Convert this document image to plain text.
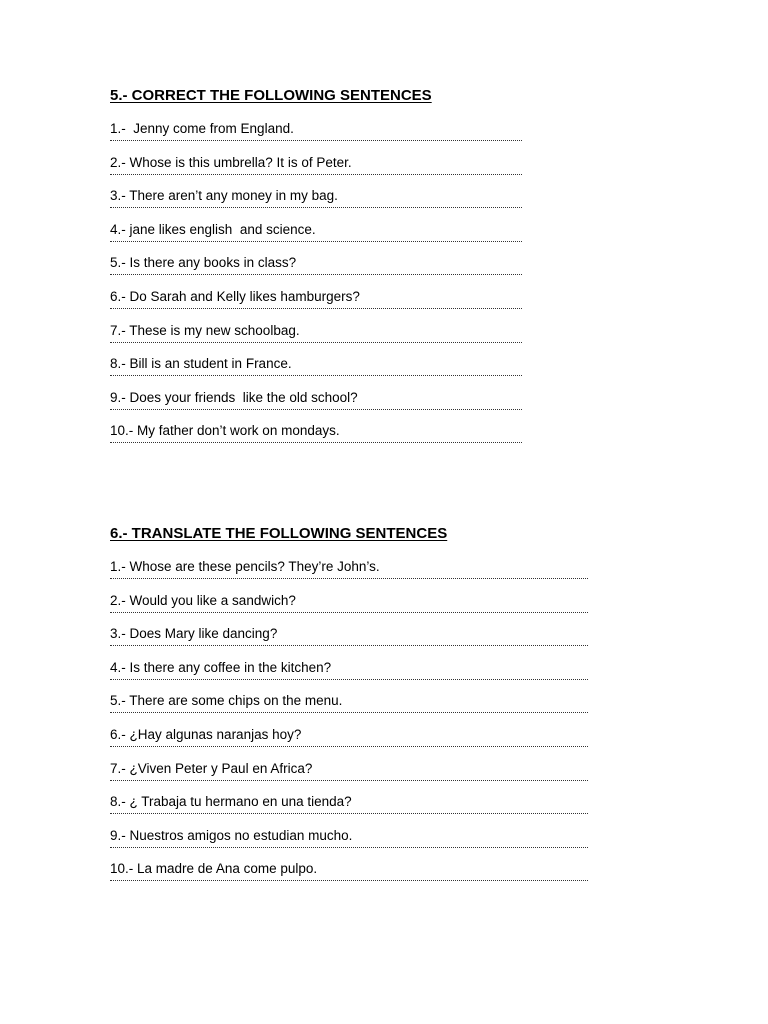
5.- CORRECT THE FOLLOWING SENTENCES
1.-  Jenny come from England.
2.- Whose is this umbrella? It is of Peter.
3.- There aren’t any money in my bag.
4.- jane likes english  and science.
5.- Is there any books in class?
6.- Do Sarah and Kelly likes hamburgers?
7.- These is my new schoolbag.
8.- Bill is an student in France.
9.- Does your friends  like the old school?
10.- My father don’t work on mondays.
6.- TRANSLATE THE FOLLOWING SENTENCES
1.- Whose are these pencils? They’re John’s.
2.- Would you like a sandwich?
3.- Does Mary like dancing?
4.- Is there any coffee in the kitchen?
5.- There are some chips on the menu.
6.- ¿Hay algunas naranjas hoy?
7.- ¿Viven Peter y Paul en Africa?
8.- ¿ Trabaja tu hermano en una tienda?
9.- Nuestros amigos no estudian mucho.
10.- La madre de Ana come pulpo.
